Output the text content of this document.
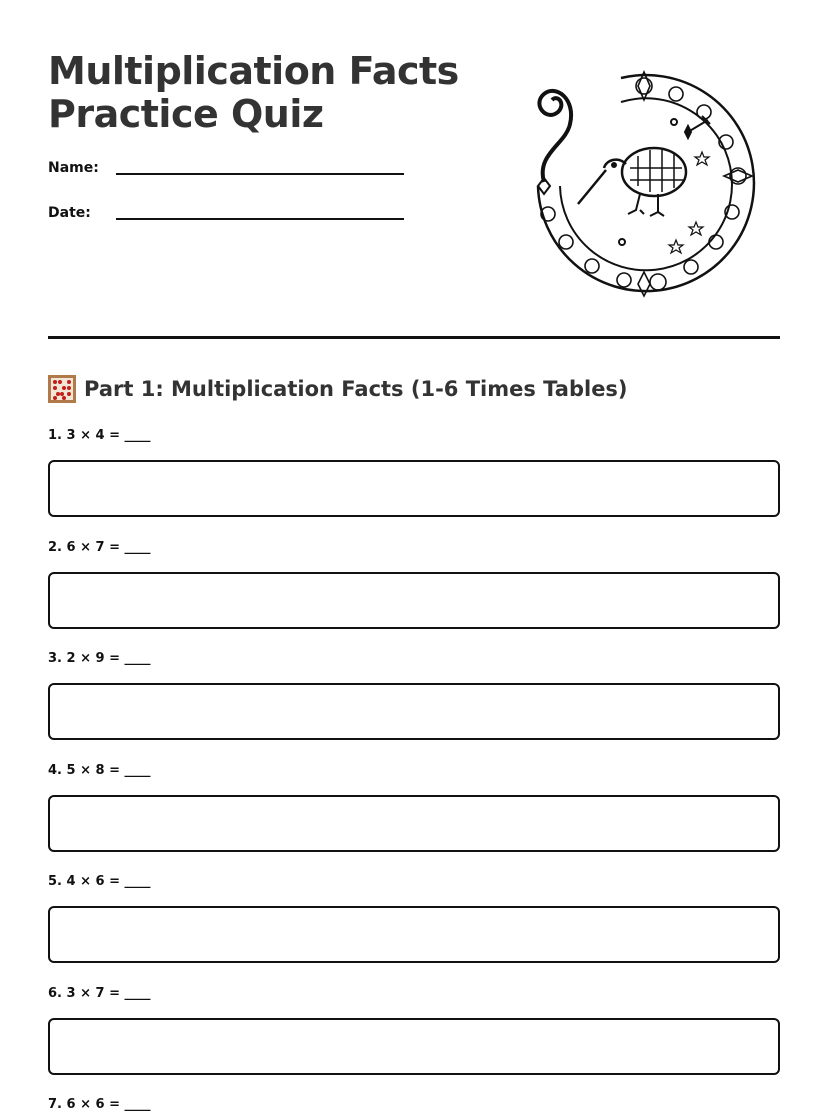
Multiplication Facts
Practice Quiz
Name:
Date:
Part 1: Multiplication Facts (1-6 Times Tables)
1. 3 × 4 = ____
2. 6 × 7 = ____
3. 2 × 9 = ____
4. 5 × 8 = ____
5. 4 × 6 = ____
6. 3 × 7 = ____
7. 6 × 6 = ____
